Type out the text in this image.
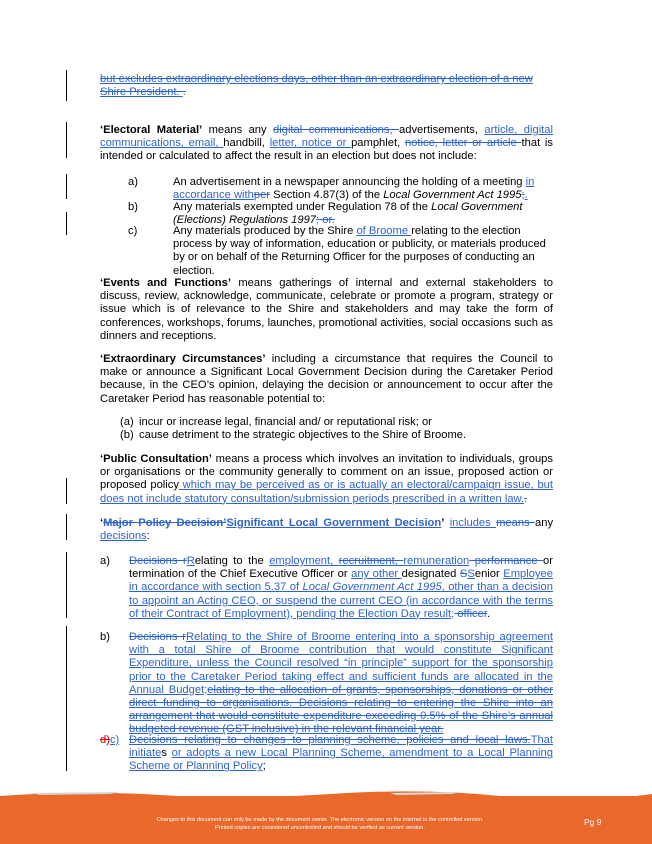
but excludes extraordinary elections days, other than an extraordinary election of a new Shire President. .

‘Electoral Material’ means any digital communications, advertisements, article, digital communications, email, handbill, letter, notice or pamphlet, notice, letter or article that is intended or calculated to affect the result in an election but does not include:

a)	An advertisement in a newspaper announcing the holding of a meeting in accordance withper Section 4.87(3) of the Local Government Act 1995;.
b)	Any materials exempted under Regulation 78 of the Local Government (Elections) Regulations 1997; or.
c)	Any materials produced by the Shire of Broome relating to the election process by way of information, education or publicity, or materials produced by or on behalf of the Returning Officer for the purposes of conducting an election.

‘Events and Functions’ means gatherings of internal and external stakeholders to discuss, review, acknowledge, communicate, celebrate or promote a program, strategy or issue which is of relevance to the Shire and stakeholders and may take the form of conferences, workshops, forums, launches, promotional activities, social occasions such as dinners and receptions.

‘Extraordinary Circumstances’ including a circumstance that requires the Council to make or announce a Significant Local Government Decision during the Caretaker Period because, in the CEO’s opinion, delaying the decision or announcement to occur after the Caretaker Period has reasonable potential to:

(a) incur or increase legal, financial and/ or reputational risk; or
(b) cause detriment to the strategic objectives to the Shire of Broome.

‘Public Consultation’ means a process which involves an invitation to individuals, groups or organisations or the community generally to comment on an issue, proposed action or proposed policy which may be perceived as or is actually an electoral/campaign issue, but does not include statutory consultation/submission periods prescribed in a written law..

‘Major Policy Decision’Significant Local Government Decision’ includes means any decisions:

a) Decisions rRelating to the employment, recruitment, remuneration performance or termination of the Chief Executive Officer or any other designated SSenior Employee in accordance with section 5.37 of Local Government Act 1995, other than a decision to appoint an Acting CEO, or suspend the current CEO (in accordance with the terms of their Contract of Employment), pending the Election Day result; officer.
b) Decisions rRelating to the Shire of Broome entering into a sponsorship agreement with a total Shire of Broome contribution that would constitute Significant Expenditure, unless the Council resolved “in principle” support for the sponsorship prior to the Caretaker Period taking effect and sufficient funds are allocated in the Annual Budget;elating to the allocation of grants, sponsorships, donations or other direct funding to organisations. Decisions relating to entering the Shire into an arrangement that would constitute expenditure exceeding 0.5% of the Shire’s annual budgeted revenue (GST inclusive) in the relevant financial year.
d)c) Decisions relating to changes to planning scheme, policies and local laws.That initiates or adopts a new Local Planning Scheme, amendment to a Local Planning Scheme or Planning Policy;
Changes to this document can only be made by the document owner. The electronic version on the internet is the controlled version.
Printed copies are considered uncontrolled and should be verified as current version.
Pg 9
